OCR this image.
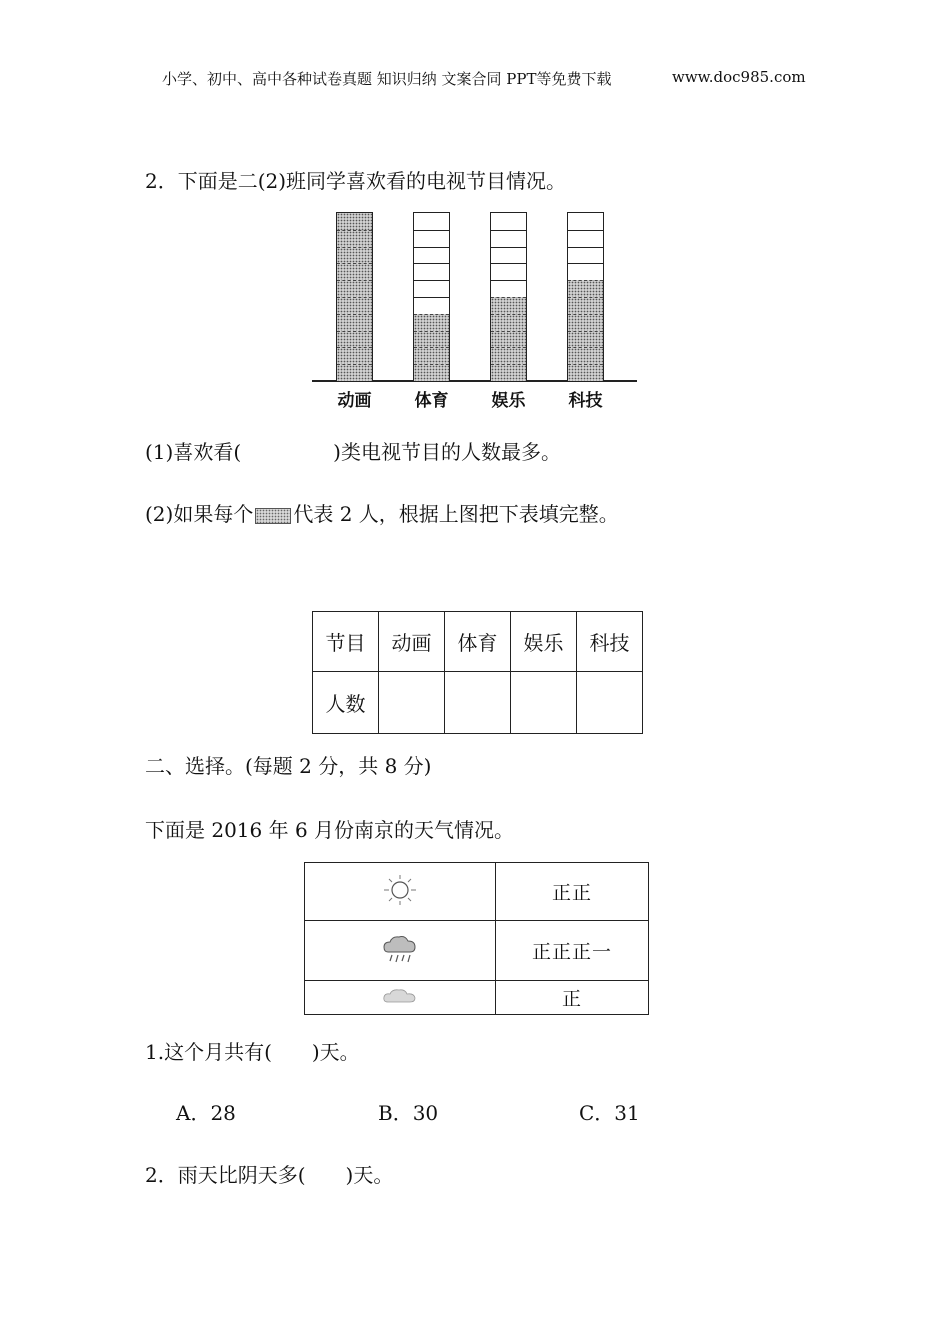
小学、初中、高中各种试卷真题 知识归纳 文案合同 PPT等免费下载	www.doc985.com
2．下面是二(2)班同学喜欢看的电视节目情况。
动画	体育	娱乐	科技
(1)喜欢看(	)类电视节目的人数最多。
(2)如果每个 代表 2 人，根据上图把下表填完整。
节目	动画	体育	娱乐	科技
人数				
二、选择。(每题 2 分，共 8 分)
下面是 2016 年 6 月份南京的天气情况。
	正正
	正正正一
	正
1.这个月共有(　　)天。
A．28	B．30	C．31
2．雨天比阴天多(　　)天。
